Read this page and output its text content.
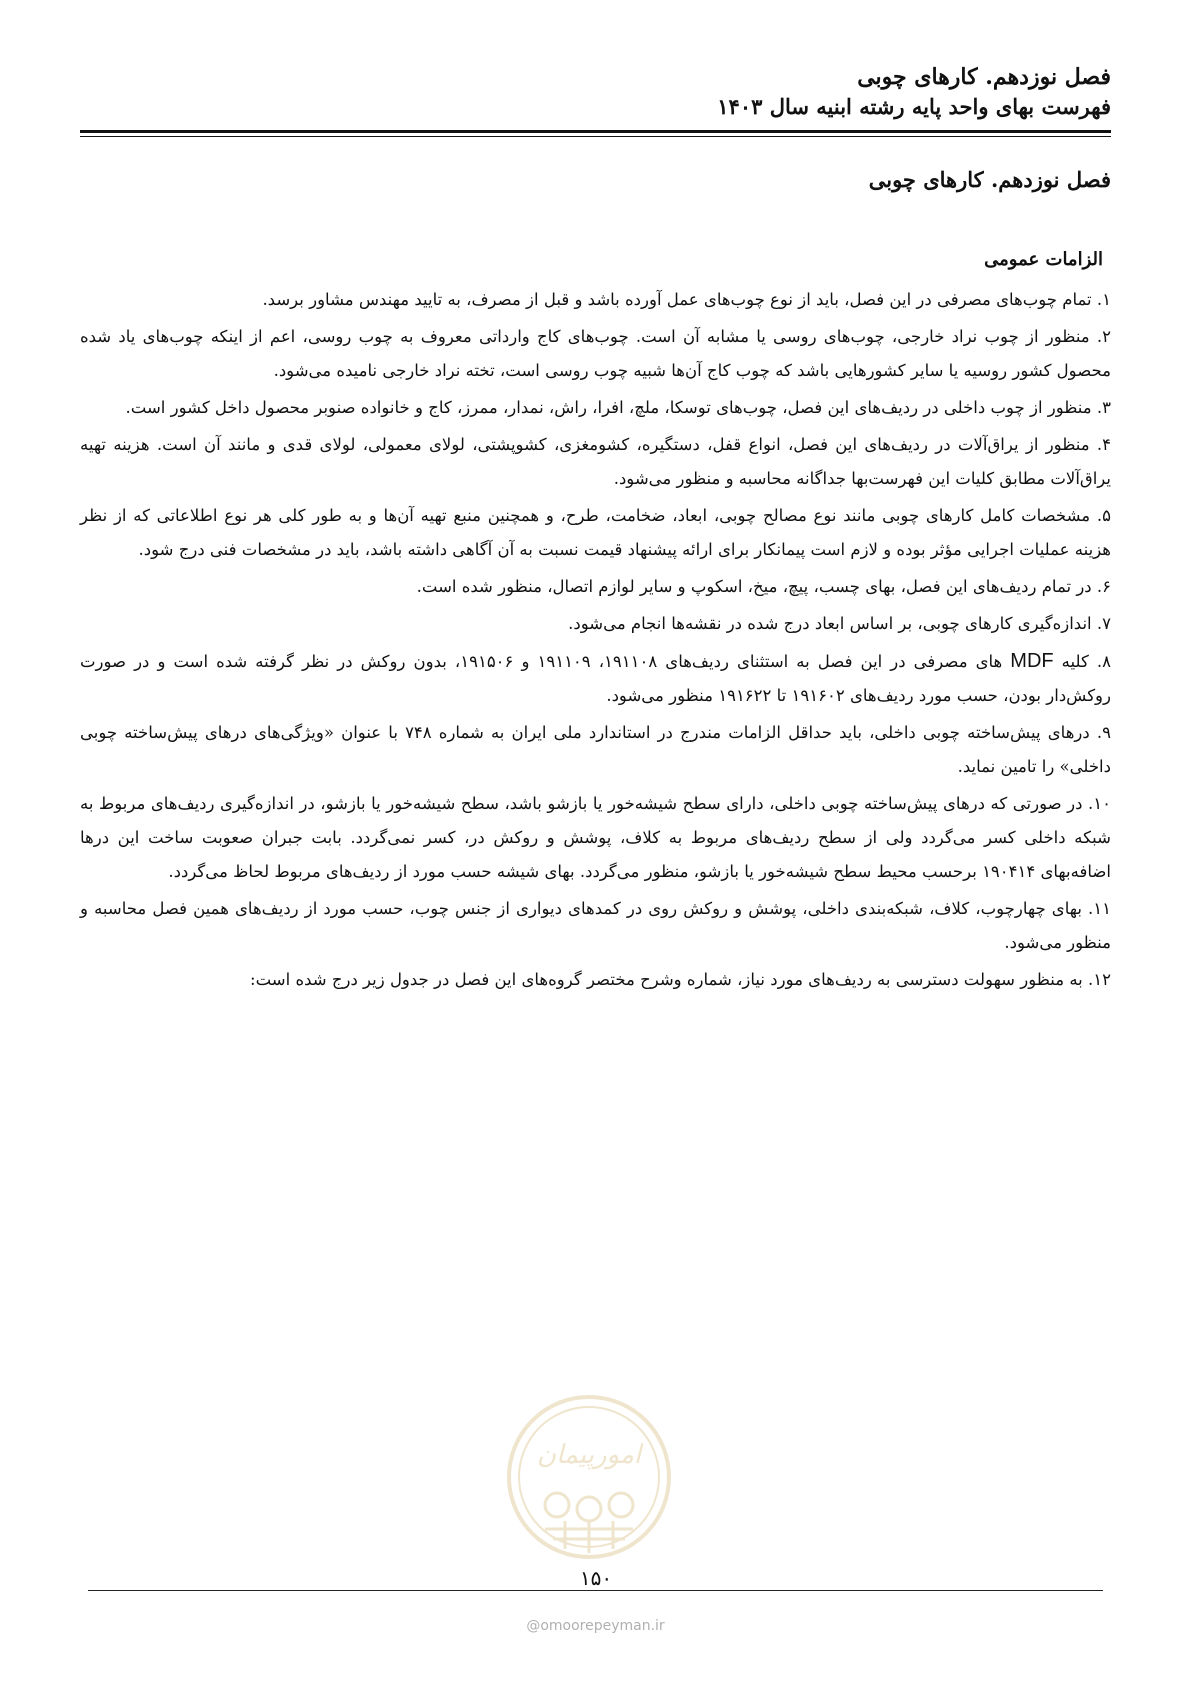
فصل نوزدهم. کارهای چوبی
فهرست بهای واحد پایه رشته ابنیه سال ۱۴۰۳
فصل نوزدهم. کارهای چوبی
الزامات عمومی

۱. تمام چوب‌های مصرفی در این فصل، باید از نوع چوب‌های عمل آورده باشد و قبل از مصرف، به تایید مهندس مشاور برسد.

۲. منظور از چوب نراد خارجی، چوب‌های روسی یا مشابه آن است. چوب‌های کاج وارداتی معروف به چوب روسی، اعم از اینکه چوب‌های یاد شده محصول کشور روسیه یا سایر کشورهایی باشد که چوب کاج آن‌ها شبیه چوب روسی است، تخته نراد خارجی نامیده می‌شود.

۳. منظور از چوب داخلی در ردیف‌های این فصل، چوب‌های توسکا، ملچ، افرا، راش، نمدار، ممرز، کاج و خانواده صنوبر محصول داخل کشور است.

۴. منظور از یراق‌آلات در ردیف‌های این فصل، انواع قفل، دستگیره، کشومغزی، کشوپشتی، لولای معمولی، لولای قدی و مانند آن است. هزینه تهیه یراق‌آلات مطابق کلیات این فهرست‌بها جداگانه محاسبه و منظور می‌شود.

۵. مشخصات کامل کارهای چوبی مانند نوع مصالح چوبی، ابعاد، ضخامت، طرح، و همچنین منبع تهیه آن‌ها و به طور کلی هر نوع اطلاعاتی که از نظر هزینه عملیات اجرایی مؤثر بوده و لازم است پیمانکار برای ارائه پیشنهاد قیمت نسبت به آن آگاهی داشته باشد، باید در مشخصات فنی درج شود.

۶. در تمام ردیف‌های این فصل، بهای چسب، پیچ، میخ، اسکوپ و سایر لوازم اتصال، منظور شده است.

۷. اندازه‌گیری کارهای چوبی، بر اساس ابعاد درج شده در نقشه‌ها انجام می‌شود.

۸. کلیه MDF های مصرفی در این فصل به استثنای ردیف‌های ۱۹۱۱۰۸، ۱۹۱۱۰۹ و ۱۹۱۵۰۶، بدون روکش در نظر گرفته شده است و در صورت روکش‌دار بودن، حسب مورد ردیف‌های ۱۹۱۶۰۲ تا ۱۹۱۶۲۲ منظور می‌شود.

۹. درهای پیش‌ساخته چوبی داخلی، باید حداقل الزامات مندرج در استاندارد ملی ایران به شماره ۷۴۸ با عنوان «ویژگی‌های درهای پیش‌ساخته چوبی داخلی» را تامین نماید.

۱۰. در صورتی که درهای پیش‌ساخته چوبی داخلی، دارای سطح شیشه‌خور یا بازشو باشد، سطح شیشه‌خور یا بازشو، در اندازه‌گیری ردیف‌های مربوط به شبکه داخلی کسر می‌گردد ولی از سطح ردیف‌های مربوط به کلاف، پوشش و روکش در، کسر نمی‌گردد. بابت جبران صعوبت ساخت این درها اضافه‌بهای ۱۹۰۴۱۴ برحسب محیط سطح شیشه‌خور یا بازشو، منظور می‌گردد. بهای شیشه حسب مورد از ردیف‌های مربوط لحاظ می‌گردد.

۱۱. بهای چهارچوب، کلاف، شبکه‌بندی داخلی، پوشش و روکش روی در کمدهای دیواری از جنس چوب، حسب مورد از ردیف‌های همین فصل محاسبه و منظور می‌شود.

۱۲. به منظور سهولت دسترسی به ردیف‌های مورد نیاز، شماره وشرح مختصر گروه‌های این فصل در جدول زیر درج شده است:

امورپیمان
۱۵۰
@omoorepeyman.ir
